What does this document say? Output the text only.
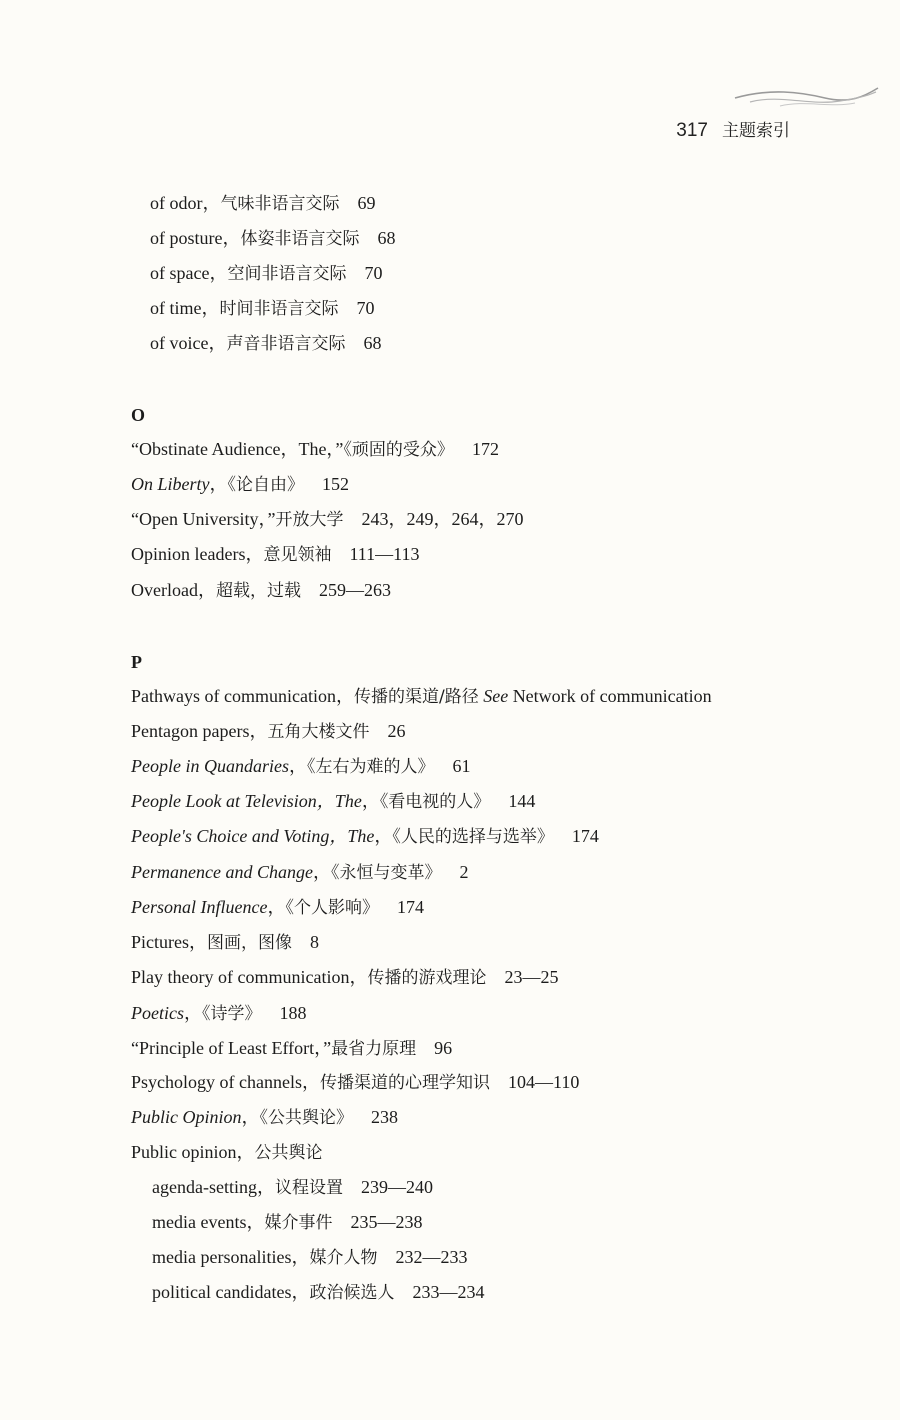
317 主题索引
of odor，气味非语言交际 69
of posture，体姿非语言交际 68
of space，空间非语言交际 70
of time，时间非语言交际 70
of voice，声音非语言交际 68
O
“Obstinate Audience，The，”《顽固的受众》 172
On Liberty，《论自由》 152
“Open University，”开放大学 243，249，264，270
Opinion leaders，意见领袖 111—113
Overload，超载，过载 259—263
P
Pathways of communication，传播的渠道/路径 See Network of communication
Pentagon papers，五角大楼文件 26
People in Quandaries，《左右为难的人》 61
People Look at Television，The，《看电视的人》 144
People's Choice and Voting，The，《人民的选择与选举》 174
Permanence and Change，《永恒与变革》 2
Personal Influence，《个人影响》 174
Pictures，图画，图像 8
Play theory of communication，传播的游戏理论 23—25
Poetics，《诗学》 188
“Principle of Least Effort，”最省力原理 96
Psychology of channels，传播渠道的心理学知识 104—110
Public Opinion，《公共舆论》 238
Public opinion，公共舆论
agenda-setting，议程设置 239—240
media events，媒介事件 235—238
media personalities，媒介人物 232—233
political candidates，政治候选人 233—234
